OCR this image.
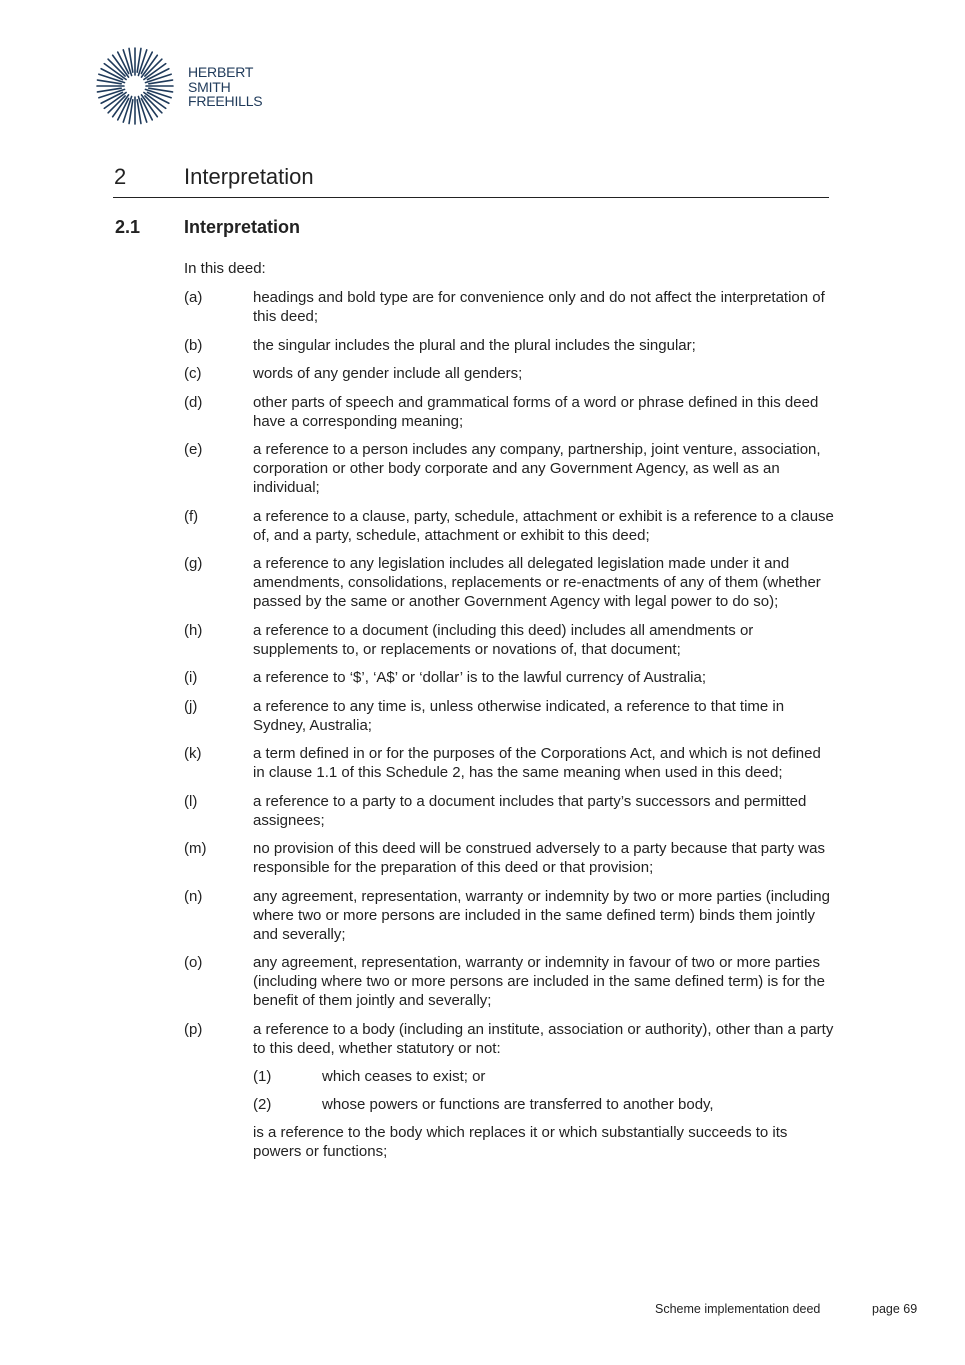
HERBERT
SMITH
FREEHILLS
2	Interpretation
2.1 Interpretation
In this deed:
(a)	headings and bold type are for convenience only and do not affect the interpretation of this deed;
(b)	the singular includes the plural and the plural includes the singular;
(c)	words of any gender include all genders;
(d)	other parts of speech and grammatical forms of a word or phrase defined in this deed have a corresponding meaning;
(e)	a reference to a person includes any company, partnership, joint venture, association, corporation or other body corporate and any Government Agency, as well as an individual;
(f)	a reference to a clause, party, schedule, attachment or exhibit is a reference to a clause of, and a party, schedule, attachment or exhibit to this deed;
(g)	a reference to any legislation includes all delegated legislation made under it and amendments, consolidations, replacements or re-enactments of any of them (whether passed by the same or another Government Agency with legal power to do so);
(h)	a reference to a document (including this deed) includes all amendments or supplements to, or replacements or novations of, that document;
(i)	a reference to ‘$’, ‘A$’ or ‘dollar’ is to the lawful currency of Australia;
(j)	a reference to any time is, unless otherwise indicated, a reference to that time in Sydney, Australia;
(k)	a term defined in or for the purposes of the Corporations Act, and which is not defined in clause 1.1 of this Schedule 2, has the same meaning when used in this deed;
(l)	a reference to a party to a document includes that party’s successors and permitted assignees;
(m)	no provision of this deed will be construed adversely to a party because that party was responsible for the preparation of this deed or that provision;
(n)	any agreement, representation, warranty or indemnity by two or more parties (including where two or more persons are included in the same defined term) binds them jointly and severally;
(o)	any agreement, representation, warranty or indemnity in favour of two or more parties (including where two or more persons are included in the same defined term) is for the benefit of them jointly and severally;
(p)	a reference to a body (including an institute, association or authority), other than a party to this deed, whether statutory or not:
(1)	which ceases to exist; or
(2)	whose powers or functions are transferred to another body,
is a reference to the body which replaces it or which substantially succeeds to its powers or functions;
Scheme implementation deed	page 69
